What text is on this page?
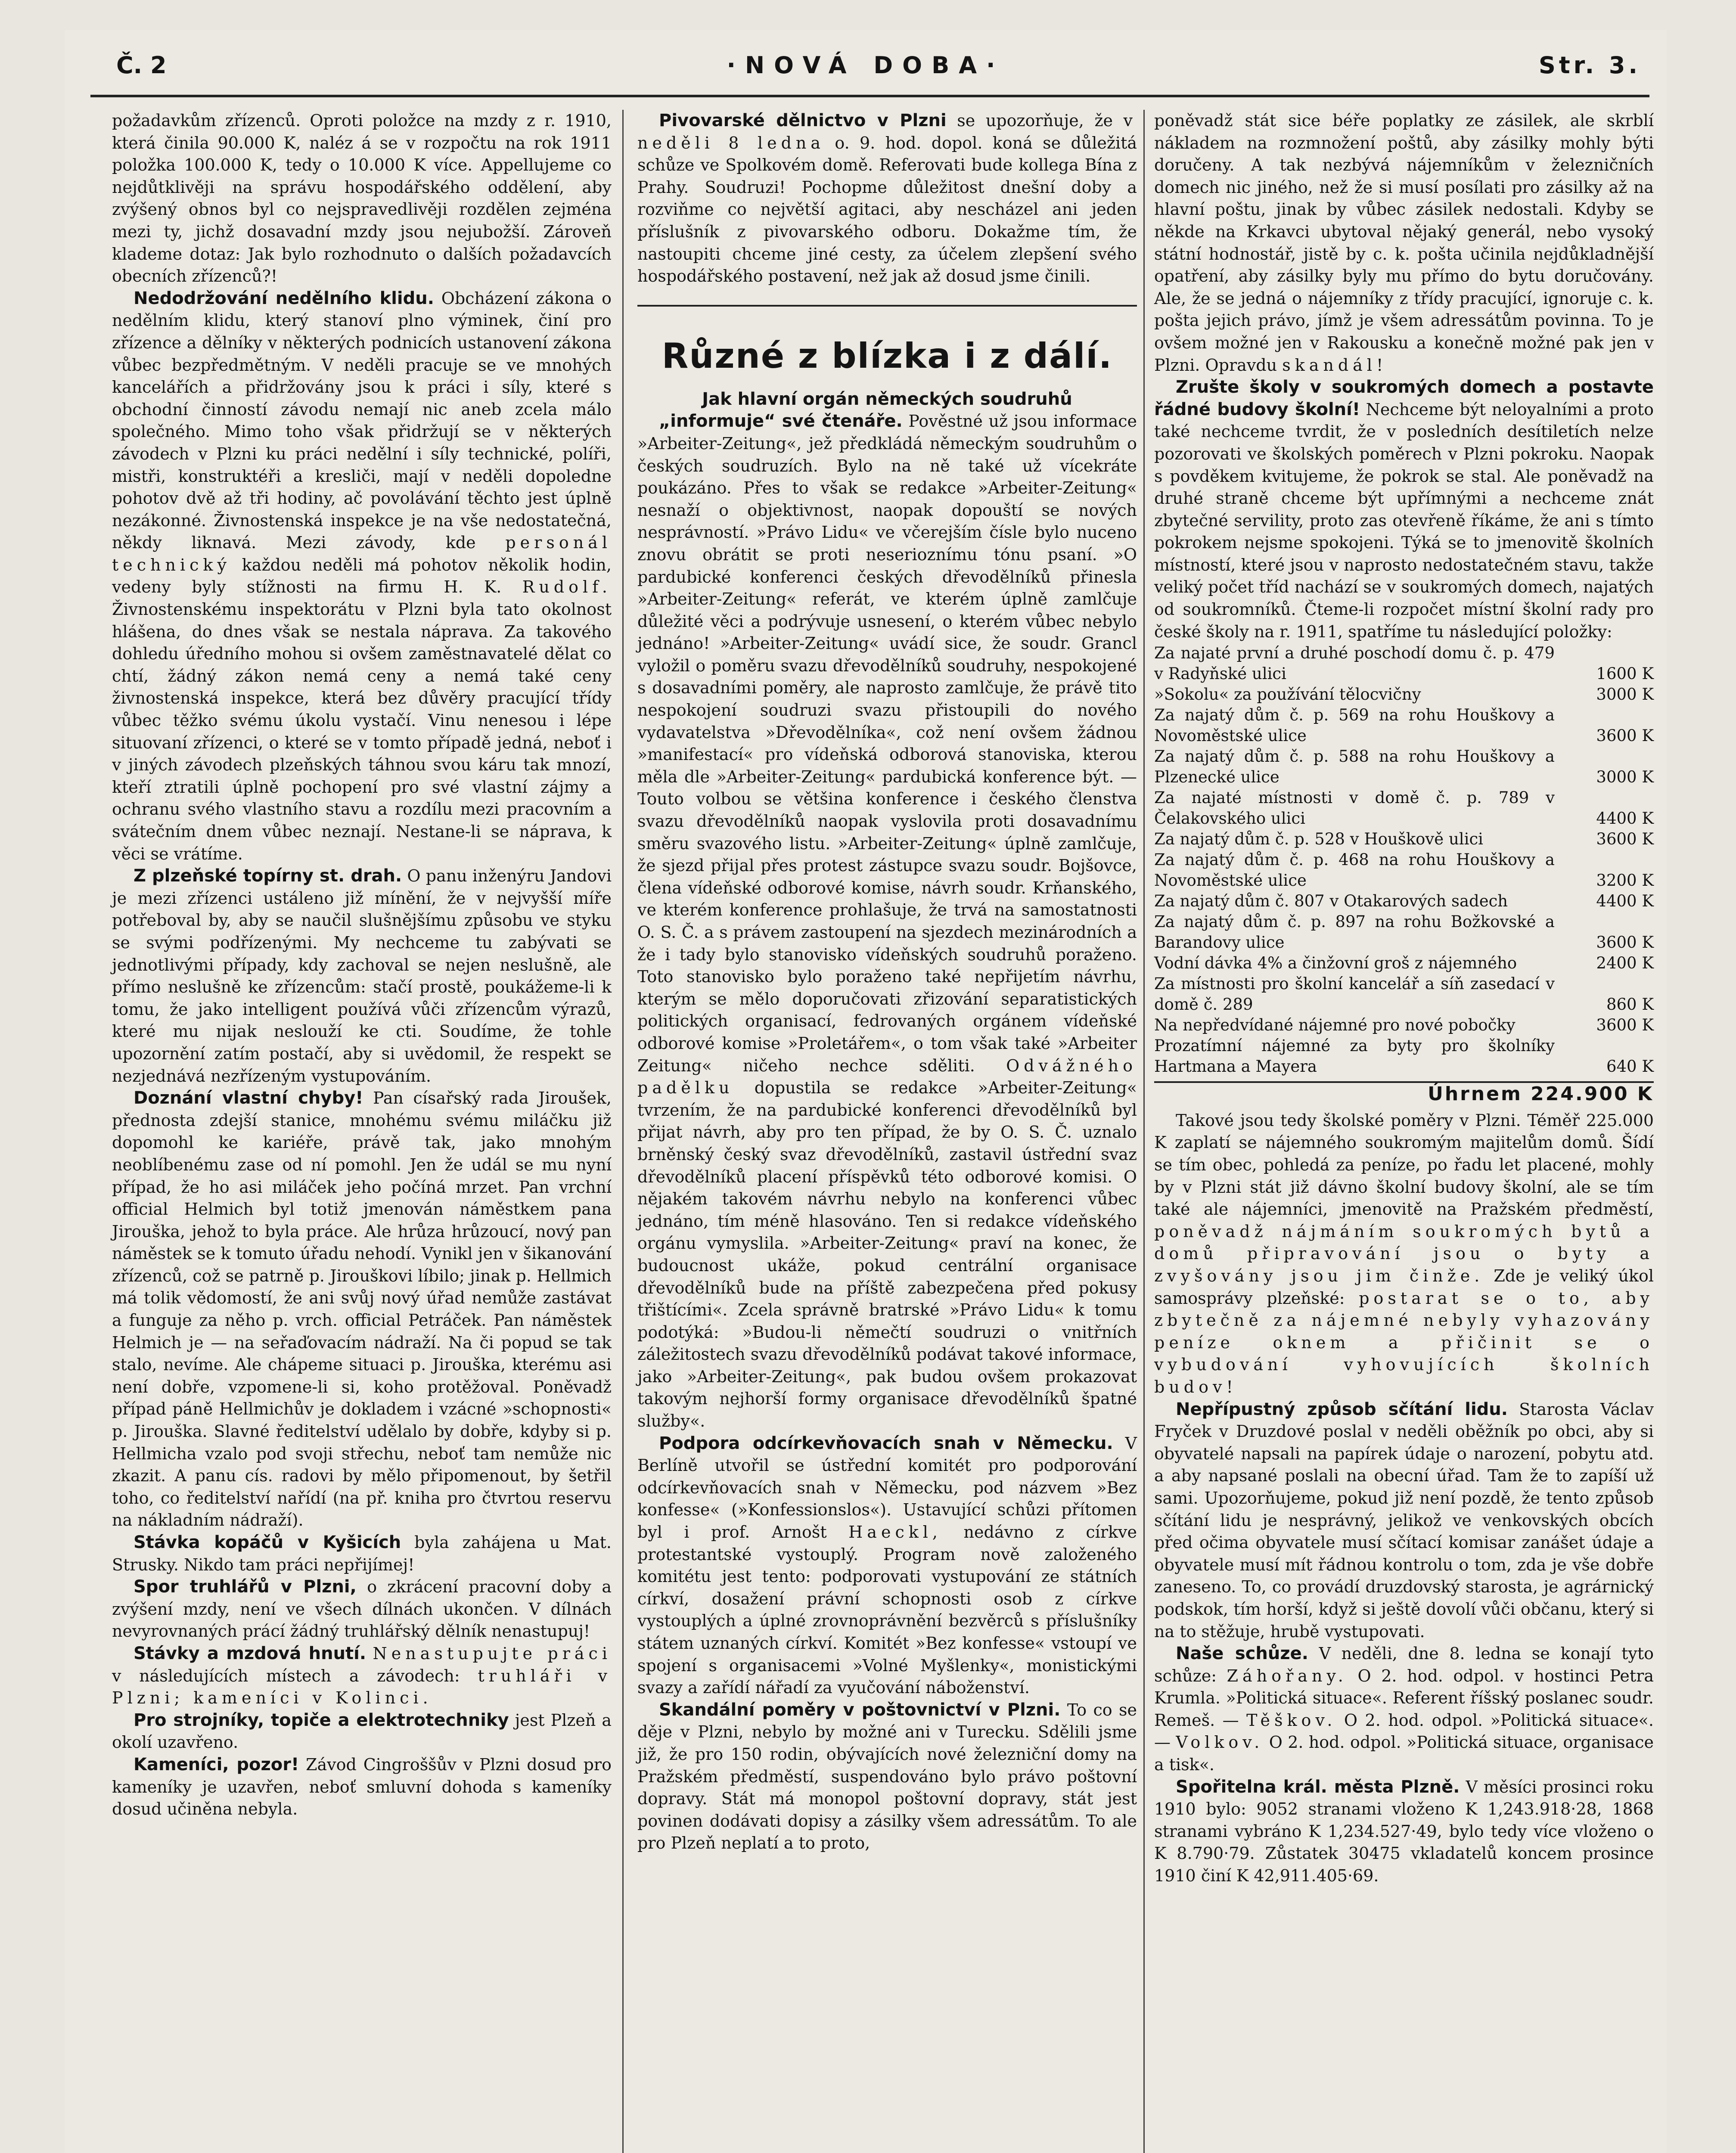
Č. 2	·NOVÁ DOBA·	Str. 3.

požadavkům zřízenců. Oproti položce na mzdy z r. 1910, která činila 90.000 K, naléz á se v rozpočtu na rok 1911 položka 100.000 K, tedy o 10.000 K více. Appellujeme co nejdůtklivěji na správu hospodářského oddělení, aby zvýšený obnos byl co nejspravedlivěji rozdělen zejména mezi ty, jichž dosavadní mzdy jsou nejubožší. Zároveň klademe dotaz: Jak bylo rozhodnuto o dalších požadavcích obecních zřízenců?!

Nedodržování nedělního klidu. Obcházení zákona o nedělním klidu, který stanoví plno výminek, činí pro zřízence a dělníky v některých podnicích ustanovení zákona vůbec bezpředmětným. V neděli pracuje se ve mnohých kancelářích a přidržovány jsou k práci i síly, které s obchodní činností závodu nemají nic aneb zcela málo společného. Mimo toho však přidržují se v některých závodech v Plzni ku práci nedělní i síly technické, políři, mistři, konstruktéři a kresliči, mají v neděli dopoledne pohotov dvě až tři hodiny, ač povolávání těchto jest úplně nezákonné. Živnostenská inspekce je na vše nedostatečná, někdy liknavá. Mezi závody, kde personál technický každou neděli má pohotov několik hodin, vedeny byly stížnosti na firmu H. K. Rudolf. Živnostenskému inspektorátu v Plzni byla tato okolnost hlášena, do dnes však se nestala náprava. Za takového dohledu úředního mohou si ovšem zaměstnavatelé dělat co chtí, žádný zákon nemá ceny a nemá také ceny živnostenská inspekce, která bez důvěry pracující třídy vůbec těžko svému úkolu vystačí. Vinu nenesou i lépe situovaní zřízenci, o které se v tomto případě jedná, neboť i v jiných závodech plzeňských táhnou svou káru tak mnozí, kteří ztratili úplně pochopení pro své vlastní zájmy a ochranu svého vlastního stavu a rozdílu mezi pracovním a svátečním dnem vůbec neznají. Nestane-li se náprava, k věci se vrátíme.

Z plzeňské topírny st. drah. O panu inženýru Jandovi je mezi zřízenci ustáleno již mínění, že v nejvyšší míře potřeboval by, aby se naučil slušnějšímu způsobu ve styku se svými podřízenými. My nechceme tu zabývati se jednotlivými případy, kdy zachoval se nejen neslušně, ale přímo neslušně ke zřízencům: stačí prostě, poukážeme-li k tomu, že jako intelligent používá vůči zřízencům výrazů, které mu nijak neslouží ke cti. Soudíme, že tohle upozornění zatím postačí, aby si uvědomil, že respekt se nezjednává nezřízeným vystupováním.

Doznání vlastní chyby! Pan císařský rada Jiroušek, přednosta zdejší stanice, mnohému svému miláčku již dopomohl ke kariéře, právě tak, jako mnohým neoblíbenému zase od ní pomohl. Jen že udál se mu nyní případ, že ho asi miláček jeho počíná mrzet. Pan vrchní official Helmich byl totiž jmenován náměstkem pana Jirouška, jehož to byla práce. Ale hrůza hrůzoucí, nový pan náměstek se k tomuto úřadu nehodí. Vynikl jen v šikanování zřízenců, což se patrně p. Jirouškovi líbilo; jinak p. Hellmich má tolik vědomostí, že ani svůj nový úřad nemůže zastávat a funguje za něho p. vrch. official Petráček. Pan náměstek Helmich je — na seřaďovacím nádraží. Na či popud se tak stalo, nevíme. Ale chápeme situaci p. Jirouška, kterému asi není dobře, vzpomene-li si, koho protěžoval. Poněvadž případ páně Hellmichův je dokladem i vzácné »schopnosti« p. Jirouška. Slavné ředitelství udělalo by dobře, kdyby si p. Hellmicha vzalo pod svoji střechu, neboť tam nemůže nic zkazit. A panu cís. radovi by mělo připomenout, by šetřil toho, co ředitelství nařídí (na př. kniha pro čtvrtou reservu na nákladním nádraží).

Stávka kopáčů v Kyšicích byla zahájena u Mat. Strusky. Nikdo tam práci nepřijímej!

Spor truhlářů v Plzni, o zkrácení pracovní doby a zvýšení mzdy, není ve všech dílnách ukončen. V dílnách nevyrovnaných prácí žádný truhlářský dělník nenastupuj!

Stávky a mzdová hnutí. Nenastupujte práci v následujících místech a závodech: truhláři v Plzni; kameníci v Kolinci.

Pro strojníky, topiče a elektrotechniky jest Plzeň a okolí uzavřeno.

Kameníci, pozor! Závod Cingroššův v Plzni dosud pro kameníky je uzavřen, neboť smluvní dohoda s kameníky dosud učiněna nebyla.

Pivovarské dělnictvo v Plzni se upozorňuje, že v neděli 8 ledna o. 9. hod. dopol. koná se důležitá schůze ve Spolkovém domě. Referovati bude kollega Bína z Prahy. Soudruzi! Pochopme důležitost dnešní doby a rozviňme co největší agitaci, aby nescházel ani jeden příslušník z pivovarského odboru. Dokažme tím, že nastoupiti chceme jiné cesty, za účelem zlepšení svého hospodářského postavení, než jak až dosud jsme činili.

Různé z blízka i z dálí.
Jak hlavní orgán německých soudruhů

„informuje“ své čtenáře. Pověstné už jsou informace »Arbeiter-Zeitung«, jež předkládá německým soudruhům o českých soudruzích. Bylo na ně také už vícekráte poukázáno. Přes to však se redakce »Arbeiter-Zeitung« nesnaží o objektivnost, naopak dopouští se nových nesprávností. »Právo Lidu« ve včerejším čísle bylo nuceno znovu obrátit se proti neserioznímu tónu psaní. »O pardubické konferenci českých dřevodělníků přinesla »Arbeiter-Zeitung« referát, ve kterém úplně zamlčuje důležité věci a podrývuje usnesení, o kterém vůbec nebylo jednáno! »Arbeiter-Zeitung« uvádí sice, že soudr. Grancl vyložil o poměru svazu dřevodělníků soudruhy, nespokojené s dosavadními poměry, ale naprosto zamlčuje, že právě tito nespokojení soudruzi svazu přistoupili do nového vydavatelstva »Dřevodělníka«, což není ovšem žádnou »manifestací« pro vídeňská odborová stanoviska, kterou měla dle »Arbeiter-Zeitung« pardubická konference být. — Touto volbou se většina konference i českého členstva svazu dřevodělníků naopak vyslovila proti dosavadnímu směru svazového listu. »Arbeiter-Zeitung« úplně zamlčuje, že sjezd přijal přes protest zástupce svazu soudr. Bojšovce, člena vídeňské odborové komise, návrh soudr. Krňanského, ve kterém konference prohlašuje, že trvá na samostatnosti O. S. Č. a s právem zastoupení na sjezdech mezinárodních a že i tady bylo stanovisko vídeňských soudruhů poraženo. Toto stanovisko bylo poraženo také nepřijetím návrhu, kterým se mělo doporučovati zřizování separatistických politických organisací, fedrovaných orgánem vídeňské odborové komise »Proletářem«, o tom však také »Arbeiter Zeitung« ničeho nechce sděliti. Odvážného padělku dopustila se redakce »Arbeiter-Zeitung« tvrzením, že na pardubické konferenci dřevodělníků byl přijat návrh, aby pro ten případ, že by O. S. Č. uznalo brněnský český svaz dřevodělníků, zastavil ústřední svaz dřevodělníků placení příspěvků této odborové komisi. O nějakém takovém návrhu nebylo na konferenci vůbec jednáno, tím méně hlasováno. Ten si redakce vídeňského orgánu vymyslila. »Arbeiter-Zeitung« praví na konec, že budoucnost ukáže, pokud centrální organisace dřevodělníků bude na příště zabezpečena před pokusy třištícími«. Zcela správně bratrské »Právo Lidu« k tomu podotýká: »Budou-li němečtí soudruzi o vnitřních záležitostech svazu dřevodělníků podávat takové informace, jako »Arbeiter-Zeitung«, pak budou ovšem prokazovat takovým nejhorší formy organisace dřevodělníků špatné služby«.

Podpora odcírkevňovacích snah v Německu. V Berlíně utvořil se ústřední komitét pro podporování odcírkevňovacích snah v Německu, pod názvem »Bez konfesse« (»Konfessionslos«). Ustavující schůzi přítomen byl i prof. Arnošt Haeckl, nedávno z církve protestantské vystouplý. Program nově založeného komitétu jest tento: podporovati vystupování ze státních církví, dosažení právní schopnosti osob z církve vystouplých a úplné zrovnoprávnění bezvěrců s příslušníky státem uznaných církví. Komitét »Bez konfesse« vstoupí ve spojení s organisacemi »Volné Myšlenky«, monistickými svazy a zařídí nářadí za vyučování náboženství.

Skandální poměry v poštovnictví v Plzni. To co se děje v Plzni, nebylo by možné ani v Turecku. Sdělili jsme již, že pro 150 rodin, obývajících nové železniční domy na Pražském předměstí, suspendováno bylo právo poštovní dopravy. Stát má monopol poštovní dopravy, stát jest povinen dodávati dopisy a zásilky všem adressátům. To ale pro Plzeň neplatí a to proto,

poněvadž stát sice béře poplatky ze zásilek, ale skrblí nákladem na rozmnožení poštů, aby zásilky mohly býti doručeny. A tak nezbývá nájemníkům v železničních domech nic jiného, než že si musí posílati pro zásilky až na hlavní poštu, jinak by vůbec zásilek nedostali. Kdyby se někde na Krkavci ubytoval nějaký generál, nebo vysoký státní hodnostář, jistě by c. k. pošta učinila nejdůkladnější opatření, aby zásilky byly mu přímo do bytu doručovány. Ale, že se jedná o nájemníky z třídy pracující, ignoruje c. k. pošta jejich právo, jímž je všem adressátům povinna. To je ovšem možné jen v Rakousku a konečně možné pak jen v Plzni. Opravdu skandál!

Zrušte školy v soukromých domech a postavte řádné budovy školní! Nechceme být neloyalními a proto také nechceme tvrdit, že v posledních desítiletích nelze pozorovati ve školských poměrech v Plzni pokroku. Naopak s povděkem kvitujeme, že pokrok se stal. Ale poněvadž na druhé straně chceme být upřímnými a nechceme znát zbytečné servility, proto zas otevřeně říkáme, že ani s tímto pokrokem nejsme spokojeni. Týká se to jmenovitě školních místností, které jsou v naprosto nedostatečném stavu, takže veliký počet tříd nachází se v soukromých domech, najatých od soukromníků. Čteme-li rozpočet místní školní rady pro české školy na r. 1911, spatříme tu následující položky:

Za najaté první a druhé poschodí domu č. p. 479 v Radyňské ulici	1600 K
»Sokolu« za používání tělocvičny	3000 K
Za najatý dům č. p. 569 na rohu Houškovy a Novoměstské ulice	3600 K
Za najatý dům č. p. 588 na rohu Houškovy a Plzenecké ulice	3000 K
Za najaté místnosti v domě č. p. 789 v Čelakovského ulici	4400 K
Za najatý dům č. p. 528 v Houškově ulici	3600 K
Za najatý dům č. p. 468 na rohu Houškovy a Novoměstské ulice	3200 K
Za najatý dům č. 807 v Otakarových sadech	4400 K
Za najatý dům č. p. 897 na rohu Božkovské a Barandovy ulice	3600 K
Vodní dávka 4% a činžovní groš z nájemného	2400 K
Za místnosti pro školní kancelář a síň zasedací v domě č. 289	860 K
Na nepředvídané nájemné pro nové pobočky	3600 K
Prozatímní nájemné za byty pro školníky Hartmana a Mayera	640 K
Úhrnem 224.900 K

Takové jsou tedy školské poměry v Plzni. Téměř 225.000 K zaplatí se nájemného soukromým majitelům domů. Šídí se tím obec, pohledá za peníze, po řadu let placené, mohly by v Plzni stát již dávno školní budovy školní, ale se tím také ale nájemníci, jmenovitě na Pražském předměstí, poněvadž nájmáním soukromých bytů a domů připravování jsou o byty a zvyšovány jsou jim činže. Zde je veliký úkol samosprávy plzeňské: postarat se o to, aby zbytečně za nájemné nebyly vyhazovány peníze oknem a přičinit se o vybudování vyhovujících školních budov!

Nepřípustný způsob sčítání lidu. Starosta Václav Fryček v Druzdové poslal v neděli oběžník po obci, aby si obyvatelé napsali na papírek údaje o narození, pobytu atd. a aby napsané poslali na obecní úřad. Tam že to zapíší už sami. Upozorňujeme, pokud již není pozdě, že tento způsob sčítání lidu je nesprávný, jelikož ve venkovských obcích před očima obyvatele musí sčítací komisar zanášet údaje a obyvatele musí mít řádnou kontrolu o tom, zda je vše dobře zaneseno. To, co provádí druzdovský starosta, je agrárnický podskok, tím horší, když si ještě dovolí vůči občanu, který si na to stěžuje, hrubě vystupovati.

Naše schůze. V neděli, dne 8. ledna se konají tyto schůze: Záhořany. O 2. hod. odpol. v hostinci Petra Krumla. »Politická situace«. Referent říšský poslanec soudr. Remeš. — Těškov. O 2. hod. odpol. »Politická situace«. — Volkov. O 2. hod. odpol. »Politická situace, organisace a tisk«.

Spořitelna král. města Plzně. V měsíci prosinci roku 1910 bylo: 9052 stranami vloženo K 1,243.918·28, 1868 stranami vybráno K 1,234.527·49, bylo tedy více vloženo o K 8.790·79. Zůstatek 30475 vkladatelů koncem prosince 1910 činí K 42,911.405·69.
